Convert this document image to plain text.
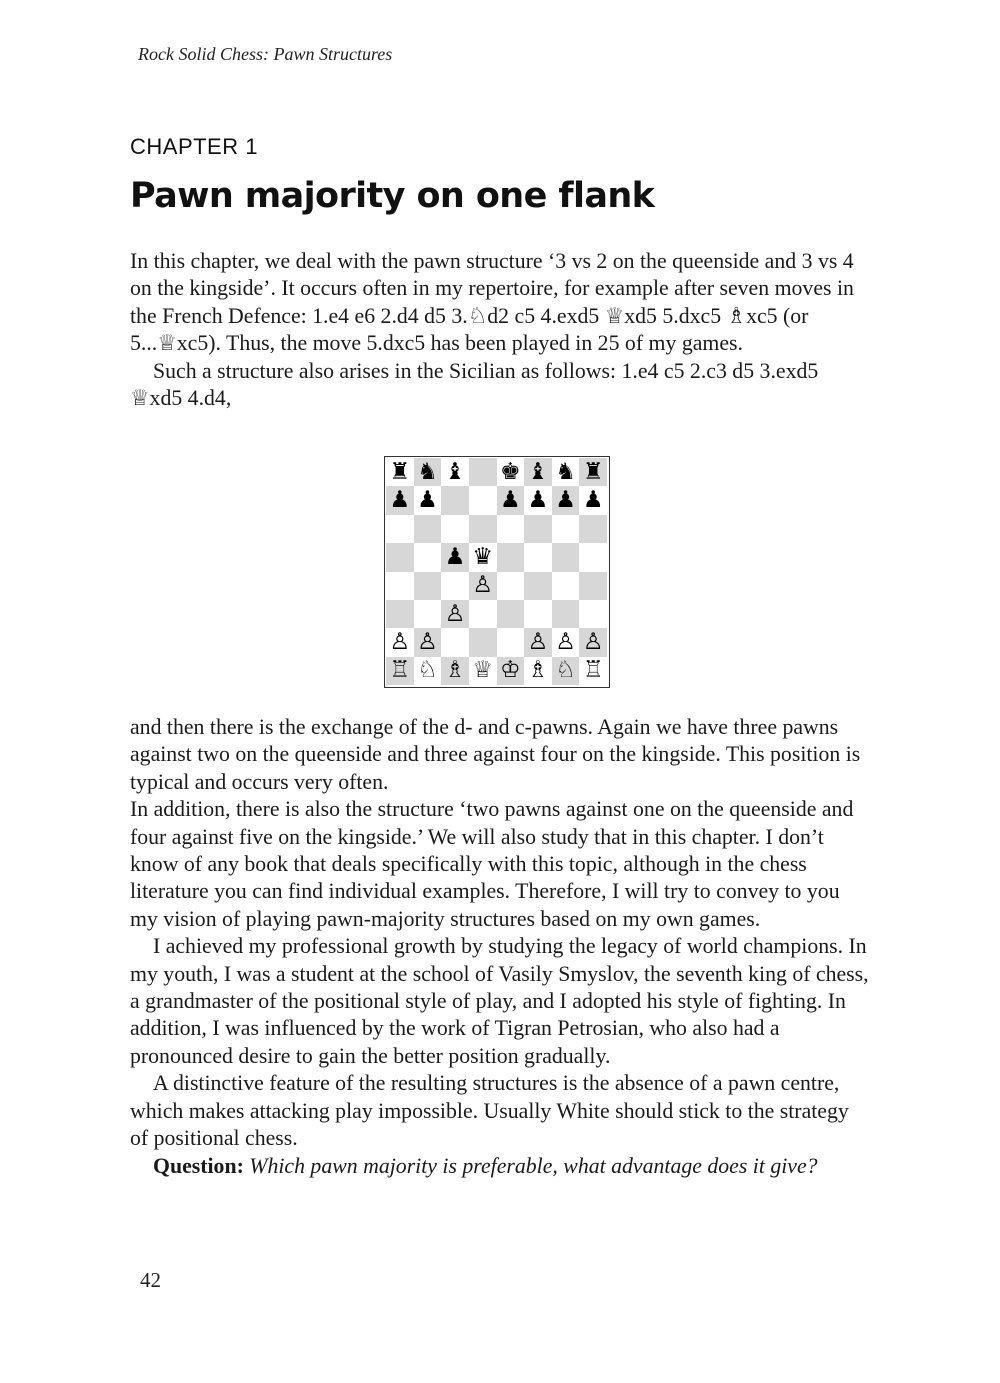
Rock Solid Chess: Pawn Structures
CHAPTER 1
Pawn majority on one flank

In this chapter, we deal with the pawn structure ‘3 vs 2 on the queenside and 3 vs 4 on the kingside’. It occurs often in my repertoire, for example after seven moves in the French Defence: 1.e4 e6 2.d4 d5 3.♘d2 c5 4.exd5 ♕xd5 5.dxc5 ♗xc5 (or 5...♕xc5). Thus, the move 5.dxc5 has been played in 25 of my games.

Such a structure also arises in the Sicilian as follows: 1.e4 c5 2.c3 d5 3.exd5 ♕xd5 4.d4,

♜ ♞ ♝ ♚ ♝ ♞ ♜
♟ ♟	♟ ♟ ♟ ♟
♟ ♛
♙
♙
♙ ♙	♙ ♙ ♙
♖ ♘ ♗ ♕ ♔ ♗ ♘ ♖

and then there is the exchange of the d- and c-pawns. Again we have three pawns against two on the queenside and three against four on the kingside. This position is typical and occurs very often.

In addition, there is also the structure ‘two pawns against one on the queenside and four against five on the kingside.’ We will also study that in this chapter. I don’t know of any book that deals specifically with this topic, although in the chess literature you can find individual examples. Therefore, I will try to convey to you my vision of playing pawn-majority structures based on my own games.

I achieved my professional growth by studying the legacy of world champions. In my youth, I was a student at the school of Vasily Smyslov, the seventh king of chess, a grandmaster of the positional style of play, and I adopted his style of fighting. In addition, I was influenced by the work of Tigran Petrosian, who also had a pronounced desire to gain the better position gradually.

A distinctive feature of the resulting structures is the absence of a pawn centre, which makes attacking play impossible. Usually White should stick to the strategy of positional chess.

Question: Which pawn majority is preferable, what advantage does it give?

42
